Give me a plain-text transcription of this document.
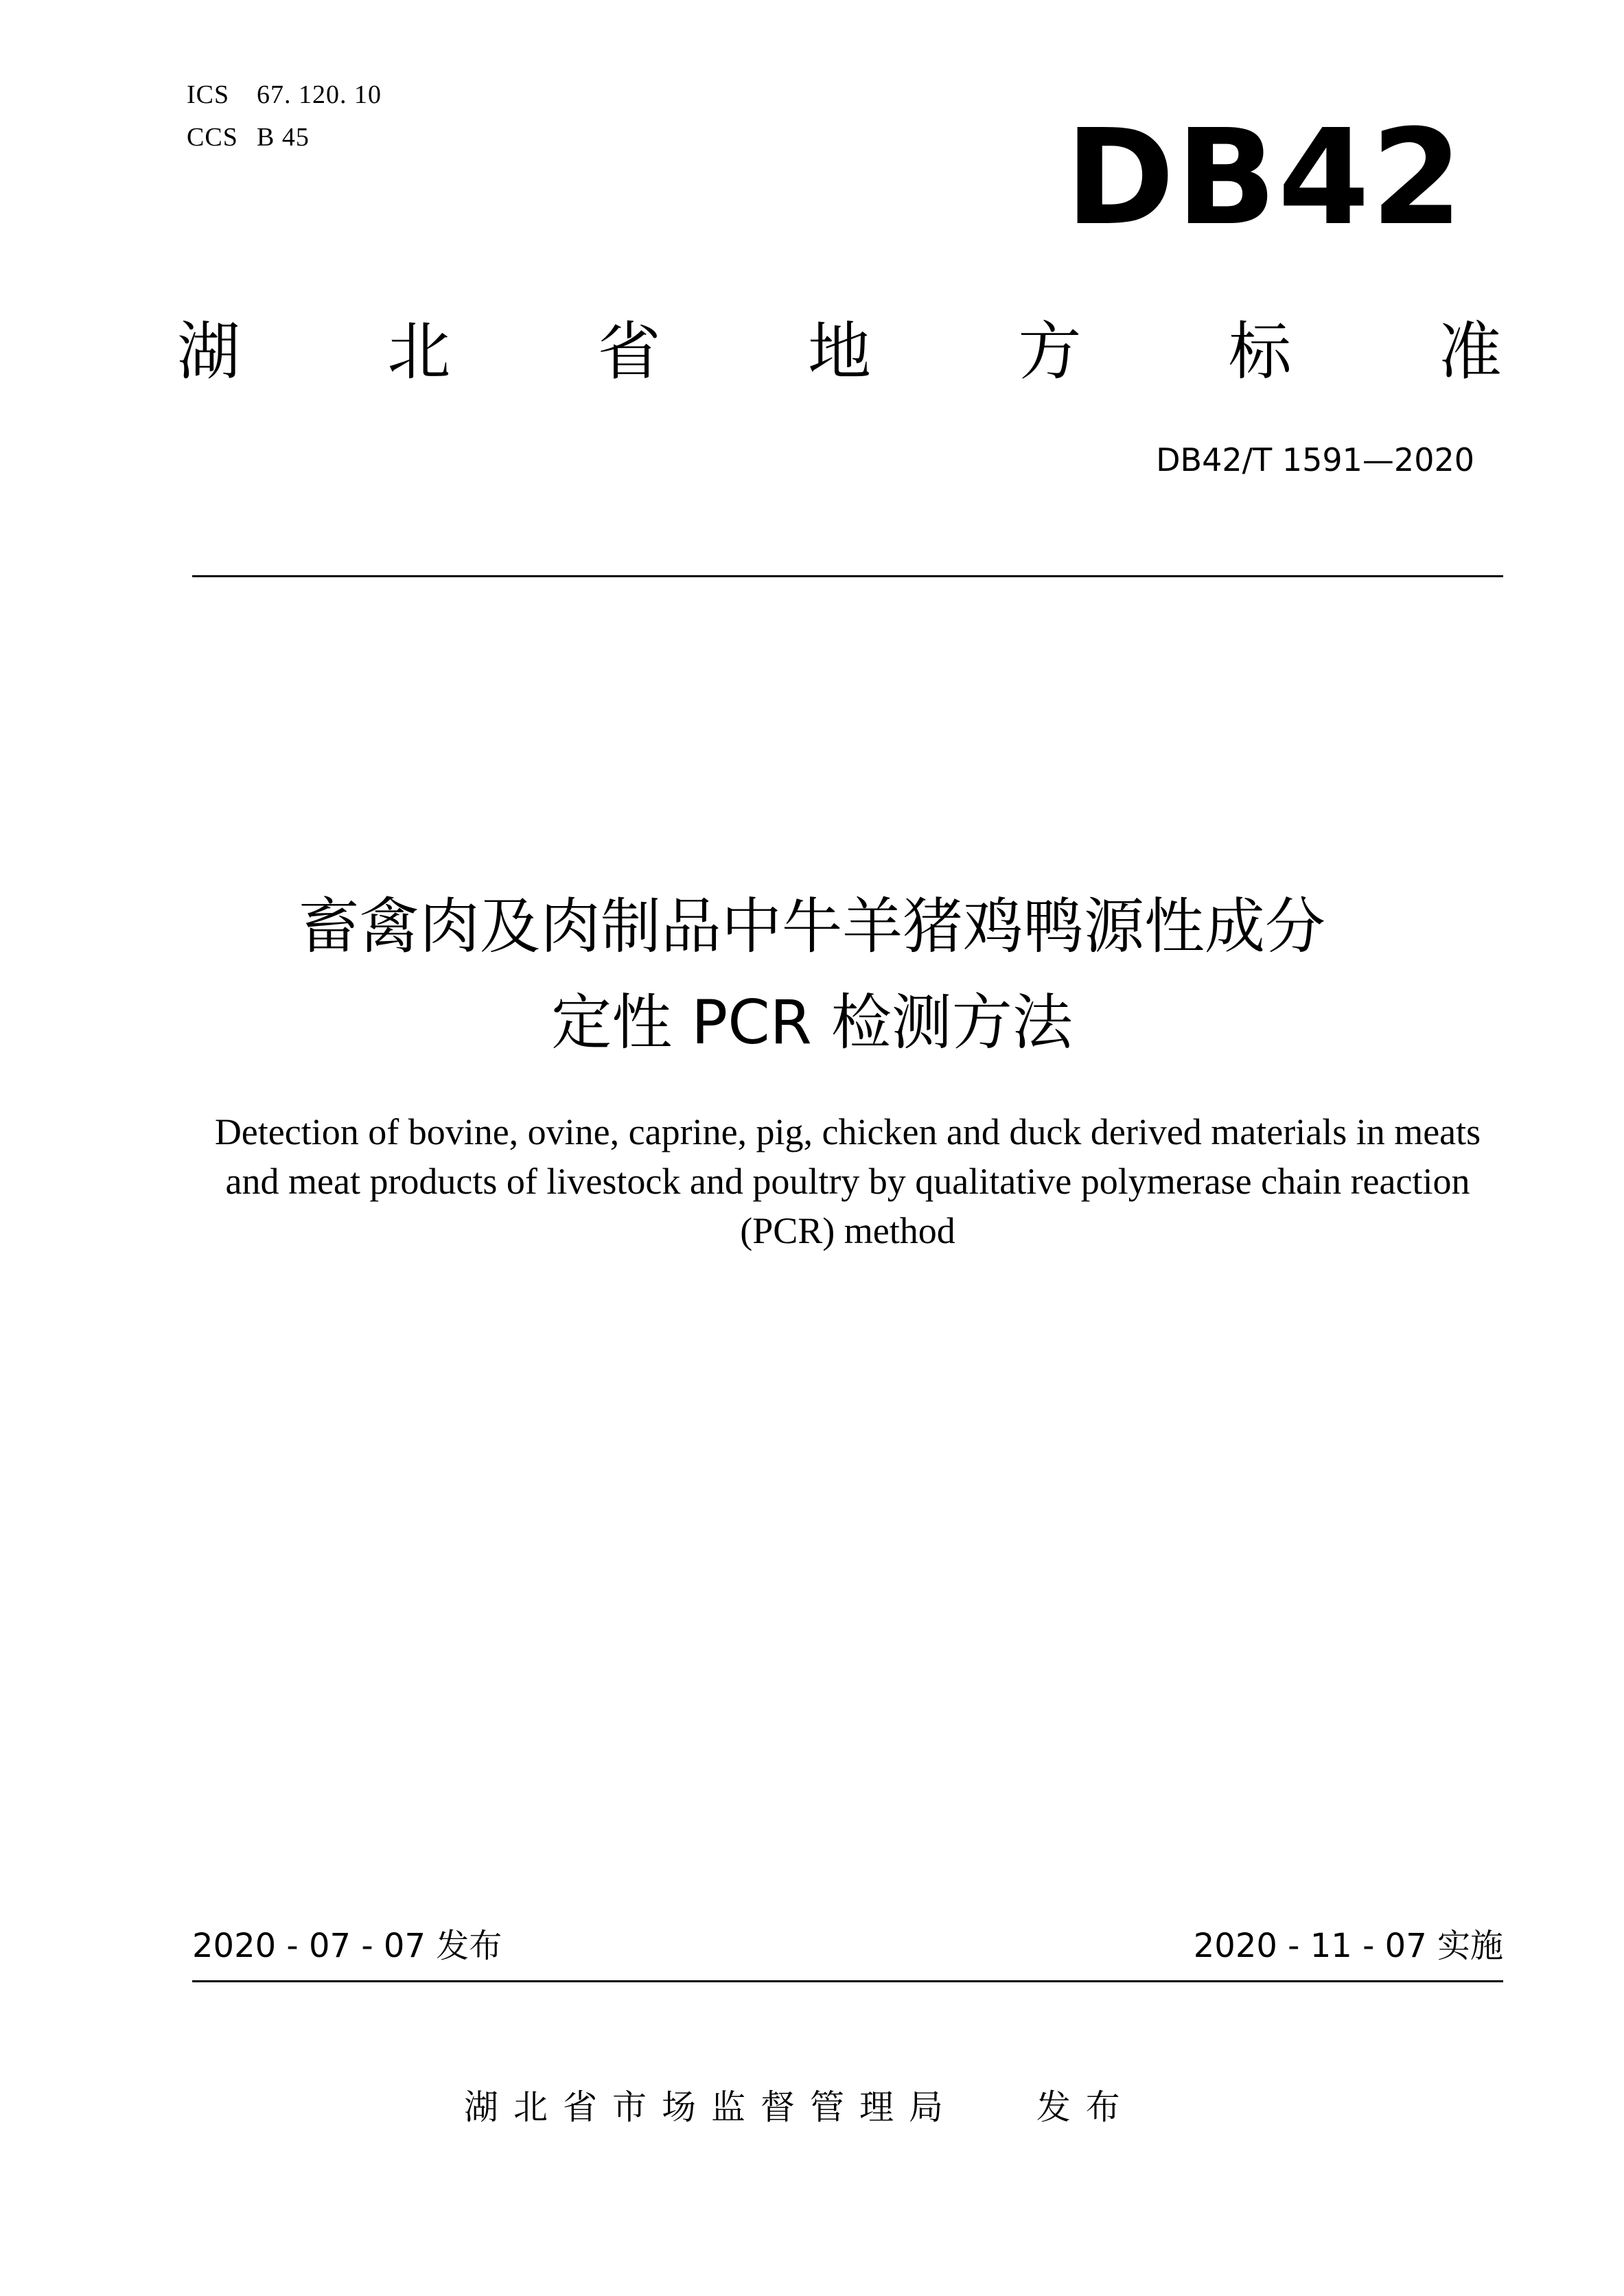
ICS 67. 120. 10
CCS B 45	DB42
湖 北 省 地 方 标 准
DB42/T 1591—2020
畜禽肉及肉制品中牛羊猪鸡鸭源性成分
定性 PCR 检测方法
Detection of bovine, ovine, caprine, pig, chicken and duck derived materials in meats
and meat products of livestock and poultry by qualitative polymerase chain reaction
(PCR) method
2020 - 07 - 07 发布	2020 - 11 - 07 实施
湖北省市场监督管理局 发布
